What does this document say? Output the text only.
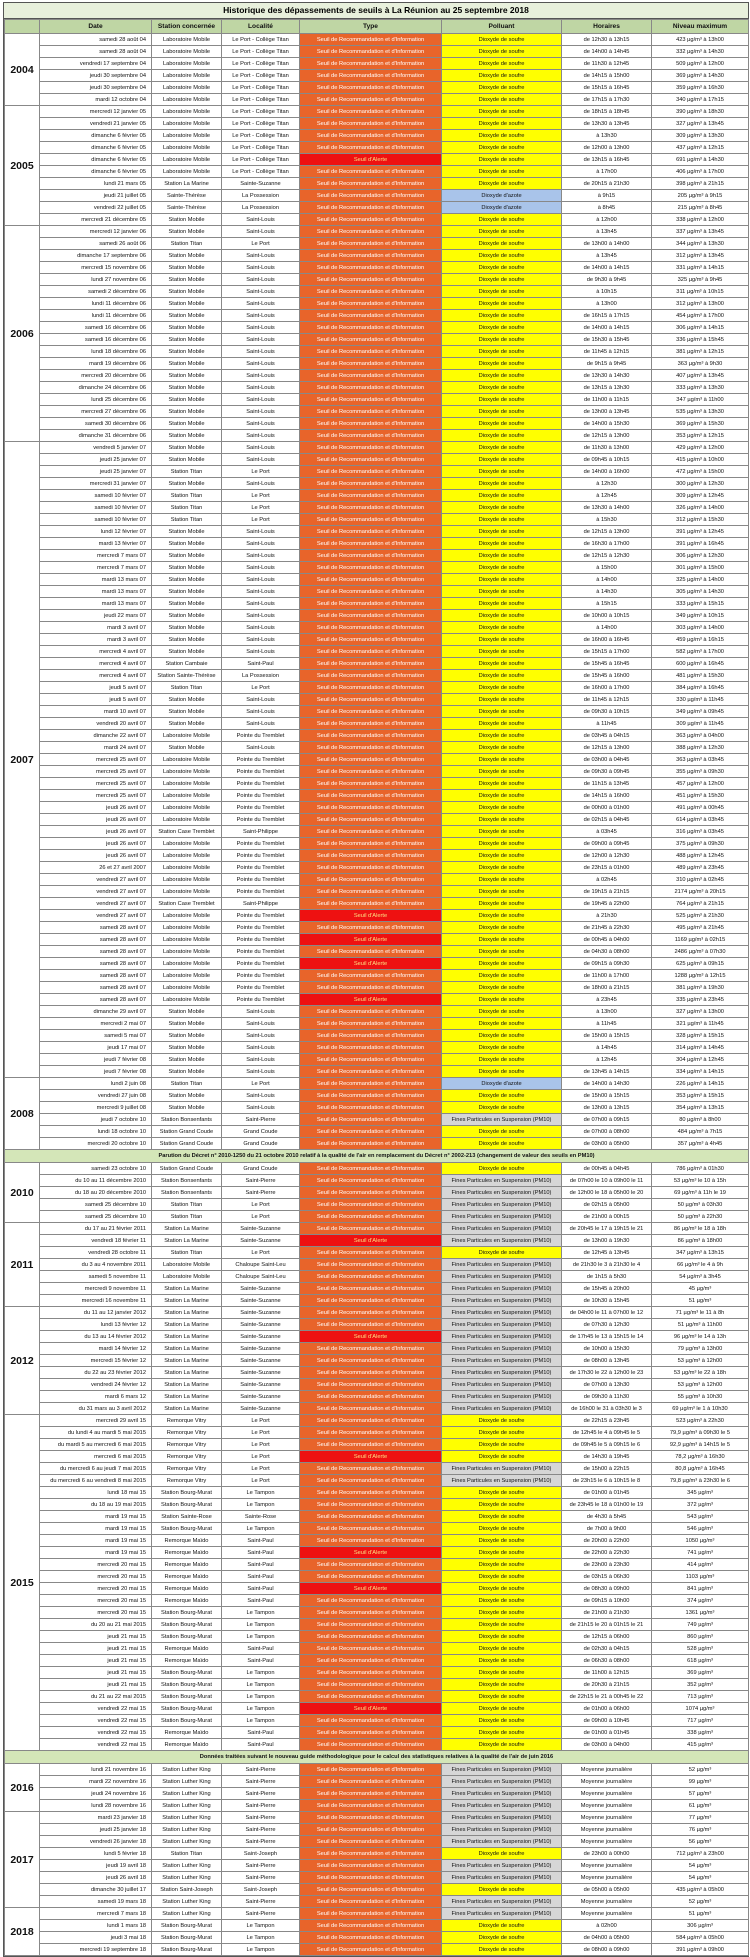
Historique des dépassements de seuils à La Réunion au 25 septembre 2018
	Date	Station concernée	Localité	Type	Polluant	Horaires	Niveau maximum
2004	samedi 28 août 04	Laboratoire Mobile	Le Port - Collège Titan	Seuil de Recommandation et d'Information	Dioxyde de soufre	de 12h30 à 13h15	423 µg/m³ à 13h00
	samedi 28 août 04	Laboratoire Mobile	Le Port - Collège Titan	Seuil de Recommandation et d'Information	Dioxyde de soufre	de 14h00 à 14h45	332 µg/m³ à 14h30
	vendredi 17 septembre 04	Laboratoire Mobile	Le Port - Collège Titan	Seuil de Recommandation et d'Information	Dioxyde de soufre	de 11h30 à 12h45	509 µg/m³ à 12h00
	jeudi 30 septembre 04	Laboratoire Mobile	Le Port - Collège Titan	Seuil de Recommandation et d'Information	Dioxyde de soufre	de 14h15 à 15h00	369 µg/m³ à 14h30
	jeudi 30 septembre 04	Laboratoire Mobile	Le Port - Collège Titan	Seuil de Recommandation et d'Information	Dioxyde de soufre	de 15h15 à 16h45	359 µg/m³ à 16h30
	mardi 12 octobre 04	Laboratoire Mobile	Le Port - Collège Titan	Seuil de Recommandation et d'Information	Dioxyde de soufre	de 17h15 à 17h30	340 µg/m³ à 17h15
2005	mercredi 12 janvier 05	Laboratoire Mobile	Le Port - Collège Titan	Seuil de Recommandation et d'Information	Dioxyde de soufre	de 18h15 à 18h45	390 µg/m³ à 18h30
	vendredi 21 janvier 05	Laboratoire Mobile	Le Port - Collège Titan	Seuil de Recommandation et d'Information	Dioxyde de soufre	de 13h30 à 13h45	327 µg/m³ à 13h45
	dimanche 6 février 05	Laboratoire Mobile	Le Port - Collège Titan	Seuil de Recommandation et d'Information	Dioxyde de soufre	à 13h30	309 µg/m³ à 13h30
	dimanche 6 février 05	Laboratoire Mobile	Le Port - Collège Titan	Seuil de Recommandation et d'Information	Dioxyde de soufre	de 12h00 à 13h00	437 µg/m³ à 12h15
	dimanche 6 février 05	Laboratoire Mobile	Le Port - Collège Titan	Seuil d'Alerte	Dioxyde de soufre	de 13h15 à 16h45	691 µg/m³ à 14h30
	dimanche 6 février 05	Laboratoire Mobile	Le Port - Collège Titan	Seuil de Recommandation et d'Information	Dioxyde de soufre	à 17h00	406 µg/m³ à 17h00
	lundi 21 mars 05	Station La Marine	Sainte-Suzanne	Seuil de Recommandation et d'Information	Dioxyde de soufre	de 20h15 à 21h30	398 µg/m³ à 21h15
	jeudi 21 juillet 05	Sainte-Thérèse	La Possession	Seuil de Recommandation et d'Information	Dioxyde d'azote	à 9h15	205 µg/m³ à 9h15
	vendredi 22 juillet 05	Sainte-Thérèse	La Possession	Seuil de Recommandation et d'Information	Dioxyde d'azote	à 8h45	215 µg/m³ à 8h45
	mercredi 21 décembre 05	Station Mobile	Saint-Louis	Seuil de Recommandation et d'Information	Dioxyde de soufre	à 12h00	338 µg/m³ à 12h00
2006	mercredi 12 janvier 06	Station Mobile	Saint-Louis	Seuil de Recommandation et d'Information	Dioxyde de soufre	à 13h45	337 µg/m³ à 13h45
	samedi 26 août 06	Station Titan	Le Port	Seuil de Recommandation et d'Information	Dioxyde de soufre	de 13h00 à 14h00	344 µg/m³ à 13h30
	dimanche 17 septembre 06	Station Mobile	Saint-Louis	Seuil de Recommandation et d'Information	Dioxyde de soufre	à 13h45	312 µg/m³ à 13h45
	mercredi 15 novembre 06	Station Mobile	Saint-Louis	Seuil de Recommandation et d'Information	Dioxyde de soufre	de 14h00 à 14h15	331 µg/m³ à 14h15
	lundi 27 novembre 06	Station Mobile	Saint-Louis	Seuil de Recommandation et d'Information	Dioxyde de soufre	de 9h30 à 9h45	325 µg/m³ à 9h45
	samedi 2 décembre 06	Station Mobile	Saint-Louis	Seuil de Recommandation et d'Information	Dioxyde de soufre	à 10h15	311 µg/m³ à 10h15
	lundi 11 décembre 06	Station Mobile	Saint-Louis	Seuil de Recommandation et d'Information	Dioxyde de soufre	à 13h00	312 µg/m³ à 13h00
	lundi 11 décembre 06	Station Mobile	Saint-Louis	Seuil de Recommandation et d'Information	Dioxyde de soufre	de 16h15 à 17h15	454 µg/m³ à 17h00
	samedi 16 décembre 06	Station Mobile	Saint-Louis	Seuil de Recommandation et d'Information	Dioxyde de soufre	de 14h00 à 14h15	306 µg/m³ à 14h15
	samedi 16 décembre 06	Station Mobile	Saint-Louis	Seuil de Recommandation et d'Information	Dioxyde de soufre	de 15h30 à 15h45	336 µg/m³ à 15h45
	lundi 18 décembre 06	Station Mobile	Saint-Louis	Seuil de Recommandation et d'Information	Dioxyde de soufre	de 11h45 à 12h15	381 µg/m³ à 12h15
	mardi 19 décembre 06	Station Mobile	Saint-Louis	Seuil de Recommandation et d'Information	Dioxyde de soufre	de 9h15 à 9h45	363 µg/m³ à 9h30
	mercredi 20 décembre 06	Station Mobile	Saint-Louis	Seuil de Recommandation et d'Information	Dioxyde de soufre	de 13h30 à 14h30	407 µg/m³ à 13h45
	dimanche 24 décembre 06	Station Mobile	Saint-Louis	Seuil de Recommandation et d'Information	Dioxyde de soufre	de 13h15 à 13h30	333 µg/m³ à 13h30
	lundi 25 décembre 06	Station Mobile	Saint-Louis	Seuil de Recommandation et d'Information	Dioxyde de soufre	de 11h00 à 11h15	347 µg/m³ à 11h00
	mercredi 27 décembre 06	Station Mobile	Saint-Louis	Seuil de Recommandation et d'Information	Dioxyde de soufre	de 13h00 à 13h45	535 µg/m³ à 13h30
	samedi 30 décembre 06	Station Mobile	Saint-Louis	Seuil de Recommandation et d'Information	Dioxyde de soufre	de 14h00 à 15h30	369 µg/m³ à 15h30
	dimanche 31 décembre 06	Station Mobile	Saint-Louis	Seuil de Recommandation et d'Information	Dioxyde de soufre	de 12h15 à 13h00	353 µg/m³ à 12h15
2007	vendredi 5 janvier 07	Station Mobile	Saint-Louis	Seuil de Recommandation et d'Information	Dioxyde de soufre	de 11h30 à 13h00	429 µg/m³ à 12h00
	jeudi 25 janvier 07	Station Mobile	Saint-Louis	Seuil de Recommandation et d'Information	Dioxyde de soufre	de 09h45 à 10h15	415 µg/m³ à 10h00
	jeudi 25 janvier 07	Station Titan	Le Port	Seuil de Recommandation et d'Information	Dioxyde de soufre	de 14h00 à 16h00	472 µg/m³ à 15h00
	mercredi 31 janvier 07	Station Mobile	Saint-Louis	Seuil de Recommandation et d'Information	Dioxyde de soufre	à 12h30	300 µg/m³ à 12h30
	samedi 10 février 07	Station Titan	Le Port	Seuil de Recommandation et d'Information	Dioxyde de soufre	à 12h45	309 µg/m³ à 12h45
	samedi 10 février 07	Station Titan	Le Port	Seuil de Recommandation et d'Information	Dioxyde de soufre	de 13h30 à 14h00	326 µg/m³ à 14h00
	samedi 10 février 07	Station Titan	Le Port	Seuil de Recommandation et d'Information	Dioxyde de soufre	à 15h30	312 µg/m³ à 15h30
	lundi 12 février 07	Station Mobile	Saint-Louis	Seuil de Recommandation et d'Information	Dioxyde de soufre	de 12h15 à 13h00	391 µg/m³ à 12h45
	mardi 13 février 07	Station Mobile	Saint-Louis	Seuil de Recommandation et d'Information	Dioxyde de soufre	de 16h30 à 17h00	391 µg/m³ à 16h45
	mercredi 7 mars 07	Station Mobile	Saint-Louis	Seuil de Recommandation et d'Information	Dioxyde de soufre	de 12h15 à 12h30	306 µg/m³ à 12h30
	mercredi 7 mars 07	Station Mobile	Saint-Louis	Seuil de Recommandation et d'Information	Dioxyde de soufre	à 15h00	301 µg/m³ à 15h00
	mardi 13 mars 07	Station Mobile	Saint-Louis	Seuil de Recommandation et d'Information	Dioxyde de soufre	à 14h00	325 µg/m³ à 14h00
	mardi 13 mars 07	Station Mobile	Saint-Louis	Seuil de Recommandation et d'Information	Dioxyde de soufre	à 14h30	305 µg/m³ à 14h30
	mardi 13 mars 07	Station Mobile	Saint-Louis	Seuil de Recommandation et d'Information	Dioxyde de soufre	à 15h15	333 µg/m³ à 15h15
	jeudi 22 mars 07	Station Mobile	Saint-Louis	Seuil de Recommandation et d'Information	Dioxyde de soufre	de 10h00 à 10h15	349 µg/m³ à 10h15
	mardi 3 avril 07	Station Mobile	Saint-Louis	Seuil de Recommandation et d'Information	Dioxyde de soufre	à 14h00	303 µg/m³ à 14h00
	mardi 3 avril 07	Station Mobile	Saint-Louis	Seuil de Recommandation et d'Information	Dioxyde de soufre	de 16h00 à 16h45	459 µg/m³ à 16h15
	mercredi 4 avril 07	Station Mobile	Saint-Louis	Seuil de Recommandation et d'Information	Dioxyde de soufre	de 15h15 à 17h00	582 µg/m³ à 17h00
	mercredi 4 avril 07	Station Cambaie	Saint-Paul	Seuil de Recommandation et d'Information	Dioxyde de soufre	de 15h45 à 16h45	600 µg/m³ à 16h45
	mercredi 4 avril 07	Station Sainte-Thérèse	La Possession	Seuil de Recommandation et d'Information	Dioxyde de soufre	de 15h45 à 16h00	481 µg/m³ à 15h30
	jeudi 5 avril 07	Station Titan	Le Port	Seuil de Recommandation et d'Information	Dioxyde de soufre	de 16h00 à 17h00	384 µg/m³ à 16h45
	jeudi 5 avril 07	Station Mobile	Saint-Louis	Seuil de Recommandation et d'Information	Dioxyde de soufre	de 11h45 à 12h15	330 µg/m³ à 11h45
	mardi 10 avril 07	Station Mobile	Saint-Louis	Seuil de Recommandation et d'Information	Dioxyde de soufre	de 09h30 à 10h15	349 µg/m³ à 09h45
	vendredi 20 avril 07	Station Mobile	Saint-Louis	Seuil de Recommandation et d'Information	Dioxyde de soufre	à 11h45	309 µg/m³ à 11h45
	dimanche 22 avril 07	Laboratoire Mobile	Pointe du Tremblet	Seuil de Recommandation et d'Information	Dioxyde de soufre	de 03h45 à 04h15	363 µg/m³ à 04h00
	mardi 24 avril 07	Station Mobile	Saint-Louis	Seuil de Recommandation et d'Information	Dioxyde de soufre	de 12h15 à 13h00	388 µg/m³ à 12h30
	mercredi 25 avril 07	Laboratoire Mobile	Pointe du Tremblet	Seuil de Recommandation et d'Information	Dioxyde de soufre	de 03h00 à 04h45	363 µg/m³ à 03h45
	mercredi 25 avril 07	Laboratoire Mobile	Pointe du Tremblet	Seuil de Recommandation et d'Information	Dioxyde de soufre	de 09h30 à 09h45	355 µg/m³ à 09h30
	mercredi 25 avril 07	Laboratoire Mobile	Pointe du Tremblet	Seuil de Recommandation et d'Information	Dioxyde de soufre	de 11h15 à 13h45	457 µg/m³ à 12h00
	mercredi 25 avril 07	Laboratoire Mobile	Pointe du Tremblet	Seuil de Recommandation et d'Information	Dioxyde de soufre	de 14h15 à 16h00	451 µg/m³ à 15h30
	jeudi 26 avril 07	Laboratoire Mobile	Pointe du Tremblet	Seuil de Recommandation et d'Information	Dioxyde de soufre	de 00h00 à 01h00	491 µg/m³ à 00h45
	jeudi 26 avril 07	Laboratoire Mobile	Pointe du Tremblet	Seuil de Recommandation et d'Information	Dioxyde de soufre	de 02h15 à 04h45	614 µg/m³ à 03h45
	jeudi 26 avril 07	Station Case Tremblet	Saint-Philippe	Seuil de Recommandation et d'Information	Dioxyde de soufre	à 03h45	316 µg/m³ à 03h45
	jeudi 26 avril 07	Laboratoire Mobile	Pointe du Tremblet	Seuil de Recommandation et d'Information	Dioxyde de soufre	de 09h00 à 09h45	375 µg/m³ à 09h30
	jeudi 26 avril 07	Laboratoire Mobile	Pointe du Tremblet	Seuil de Recommandation et d'Information	Dioxyde de soufre	de 12h00 à 12h30	488 µg/m³ à 12h45
	26 et 27 avril 2007	Laboratoire Mobile	Pointe du Tremblet	Seuil de Recommandation et d'Information	Dioxyde de soufre	de 23h15 à 01h00	489 µg/m³ à 23h45
	vendredi 27 avril 07	Laboratoire Mobile	Pointe du Tremblet	Seuil de Recommandation et d'Information	Dioxyde de soufre	à 02h45	310 µg/m³ à 02h45
	vendredi 27 avril 07	Laboratoire Mobile	Pointe du Tremblet	Seuil de Recommandation et d'Information	Dioxyde de soufre	de 19h15 à 21h15	2174 µg/m³ à 20h15
	vendredi 27 avril 07	Station Case Tremblet	Saint-Philippe	Seuil de Recommandation et d'Information	Dioxyde de soufre	de 19h45 à 22h00	764 µg/m³ à 21h15
	vendredi 27 avril 07	Laboratoire Mobile	Pointe du Tremblet	Seuil d'Alerte	Dioxyde de soufre	à 21h30	525 µg/m³ à 21h30
	samedi 28 avril 07	Laboratoire Mobile	Pointe du Tremblet	Seuil de Recommandation et d'Information	Dioxyde de soufre	de 21h45 à 22h30	495 µg/m³ à 21h45
	samedi 28 avril 07	Laboratoire Mobile	Pointe du Tremblet	Seuil d'Alerte	Dioxyde de soufre	de 00h45 à 04h00	1169 µg/m³ à 02h15
	samedi 28 avril 07	Laboratoire Mobile	Pointe du Tremblet	Seuil de Recommandation et d'Information	Dioxyde de soufre	de 04h30 à 08h00	2486 µg/m³ à 07h30
	samedi 28 avril 07	Laboratoire Mobile	Pointe du Tremblet	Seuil d'Alerte	Dioxyde de soufre	de 09h15 à 09h30	625 µg/m³ à 09h15
	samedi 28 avril 07	Laboratoire Mobile	Pointe du Tremblet	Seuil de Recommandation et d'Information	Dioxyde de soufre	de 11h00 à 17h00	1288 µg/m³ à 12h15
	samedi 28 avril 07	Laboratoire Mobile	Pointe du Tremblet	Seuil de Recommandation et d'Information	Dioxyde de soufre	de 18h00 à 21h15	381 µg/m³ à 19h30
	samedi 28 avril 07	Laboratoire Mobile	Pointe du Tremblet	Seuil d'Alerte	Dioxyde de soufre	à 23h45	335 µg/m³ à 23h45
	dimanche 29 avril 07	Station Mobile	Saint-Louis	Seuil de Recommandation et d'Information	Dioxyde de soufre	à 13h00	327 µg/m³ à 13h00
	mercredi 2 mai 07	Station Mobile	Saint-Louis	Seuil de Recommandation et d'Information	Dioxyde de soufre	à 11h45	321 µg/m³ à 11h45
	samedi 5 mai 07	Station Mobile	Saint-Louis	Seuil de Recommandation et d'Information	Dioxyde de soufre	de 15h00 à 15h15	328 µg/m³ à 15h15
	jeudi 17 mai 07	Station Mobile	Saint-Louis	Seuil de Recommandation et d'Information	Dioxyde de soufre	à 14h45	314 µg/m³ à 14h45
	jeudi 7 février 08	Station Mobile	Saint-Louis	Seuil de Recommandation et d'Information	Dioxyde de soufre	à 12h45	304 µg/m³ à 12h45
	jeudi 7 février 08	Station Mobile	Saint-Louis	Seuil de Recommandation et d'Information	Dioxyde de soufre	de 13h45 à 14h15	334 µg/m³ à 14h15
2008	lundi 2 juin 08	Station Titan	Le Port	Seuil de Recommandation et d'Information	Dioxyde d'azote	de 14h00 à 14h30	226 µg/m³ à 14h15
	vendredi 27 juin 08	Station Mobile	Saint-Louis	Seuil de Recommandation et d'Information	Dioxyde de soufre	de 15h00 à 15h15	353 µg/m³ à 15h15
	mercredi 9 juillet 08	Station Mobile	Saint-Louis	Seuil de Recommandation et d'Information	Dioxyde de soufre	de 13h00 à 13h15	354 µg/m³ à 13h15
	jeudi 7 octobre 10	Station Bonsenfants	Saint-Pierre	Seuil de Recommandation et d'Information	Fines Particules en Suspension (PM10)	de 07h00 à 09h15	80 µg/m³ à 8h00
	lundi 18 octobre 10	Station Grand Coude	Grand Coude	Seuil de Recommandation et d'Information	Dioxyde de soufre	de 07h00 à 08h00	484 µg/m³ à 7h15
	mercredi 20 octobre 10	Station Grand Coude	Grand Coude	Seuil de Recommandation et d'Information	Dioxyde de soufre	de 03h00 à 05h00	357 µg/m³ à 4h45
Parution du Décret n° 2010-1250 du 21 octobre 2010 relatif à la qualité de l'air en remplacement du Décret n° 2002-213 (changement de valeur des seuils en PM10)							
2010	samedi 23 octobre 10	Station Grand Coude	Grand Coude	Seuil de Recommandation et d'Information	Dioxyde de soufre	de 00h45 à 04h45	786 µg/m³ à 01h30
	du 10 au 11 décembre 2010	Station Bonsenfants	Saint-Pierre	Seuil de Recommandation et d'Information	Fines Particules en Suspension (PM10)	de 07h00 le 10 à 09h00 le 11	53 µg/m³ le 10 à 15h
	du 18 au 20 décembre 2010	Station Bonsenfants	Saint-Pierre	Seuil de Recommandation et d'Information	Fines Particules en Suspension (PM10)	de 12h00 le 18 à 05h00 le 20	69 µg/m³ à 11h le 19
	samedi 25 décembre 10	Station Titan	Le Port	Seuil de Recommandation et d'Information	Fines Particules en Suspension (PM10)	de 02h15 à 05h00	50 µg/m³ à 03h30
	samedi 25 décembre 10	Station Titan	Le Port	Seuil de Recommandation et d'Information	Fines Particules en Suspension (PM10)	de 21h00 à 00h15	50 µg/m³ à 22h30
2011	du 17 au 21 février 2011	Station La Marine	Sainte-Suzanne	Seuil de Recommandation et d'Information	Fines Particules en Suspension (PM10)	de 20h45 le 17 à 19h15 le 21	86 µg/m³ le 18 à 18h
	vendredi 18 février 11	Station La Marine	Sainte-Suzanne	Seuil d'Alerte	Fines Particules en Suspension (PM10)	de 13h00 à 19h30	86 µg/m³ à 18h00
	vendredi 28 octobre 11	Station Titan	Le Port	Seuil de Recommandation et d'Information	Dioxyde de soufre	de 12h45 à 13h45	347 µg/m³ à 13h15
	du 3 au 4 novembre 2011	Laboratoire Mobile	Chaloupe Saint-Leu	Seuil de Recommandation et d'Information	Fines Particules en Suspension (PM10)	de 21h30 le 3 à 21h30 le 4	66 µg/m³ le 4 à 9h
	samedi 5 novembre 11	Laboratoire Mobile	Chaloupe Saint-Leu	Seuil de Recommandation et d'Information	Fines Particules en Suspension (PM10)	de 1h15 à 5h30	54 µg/m³ à 3h45
	mercredi 9 novembre 11	Station La Marine	Sainte-Suzanne	Seuil de Recommandation et d'Information	Fines Particules en Suspension (PM10)	de 15h45 à 20h00	45 µg/m³
	mercredi 16 novembre 11	Station La Marine	Sainte-Suzanne	Seuil de Recommandation et d'Information	Fines Particules en Suspension (PM10)	de 10h30 à 15h45	51 µg/m³
2012	du 11 au 12 janvier 2012	Station La Marine	Sainte-Suzanne	Seuil de Recommandation et d'Information	Fines Particules en Suspension (PM10)	de 04h00 le 11 à 07h00 le 12	71 µg/m³ le 11 à 8h
	lundi 13 février 12	Station La Marine	Sainte-Suzanne	Seuil de Recommandation et d'Information	Fines Particules en Suspension (PM10)	de 07h30 à 12h30	51 µg/m³ à 11h00
	du 13 au 14 février 2012	Station La Marine	Sainte-Suzanne	Seuil d'Alerte	Fines Particules en Suspension (PM10)	de 17h45 le 13 à 15h15 le 14	96 µg/m³ le 14 à 13h
	mardi 14 février 12	Station La Marine	Sainte-Suzanne	Seuil de Recommandation et d'Information	Fines Particules en Suspension (PM10)	de 10h00 à 15h30	79 µg/m³ à 13h00
	mercredi 15 février 12	Station La Marine	Sainte-Suzanne	Seuil de Recommandation et d'Information	Fines Particules en Suspension (PM10)	de 08h00 à 13h45	53 µg/m³ à 12h00
	du 22 au 23 février 2012	Station La Marine	Sainte-Suzanne	Seuil de Recommandation et d'Information	Fines Particules en Suspension (PM10)	de 17h30 le 22 à 12h00 le 23	53 µg/m³ le 22 à 18h
	vendredi 24 février 12	Station La Marine	Sainte-Suzanne	Seuil de Recommandation et d'Information	Fines Particules en Suspension (PM10)	de 07h00 à 13h30	53 µg/m³ à 12h00
	mardi 6 mars 12	Station La Marine	Sainte-Suzanne	Seuil de Recommandation et d'Information	Fines Particules en Suspension (PM10)	de 09h30 à 11h30	55 µg/m³ à 10h30
	du 31 mars au 3 avril 2012	Station La Marine	Sainte-Suzanne	Seuil de Recommandation et d'Information	Fines Particules en Suspension (PM10)	de 16h00 le 31 à 03h30 le 3	69 µg/m³ le 1 à 10h30
2015	mercredi 29 avril 15	Remorque Vitry	Le Port	Seuil de Recommandation et d'Information	Dioxyde de soufre	de 22h15 à 23h45	523 µg/m³ à 22h30
	du lundi 4 au mardi 5 mai 2015	Remorque Vitry	Le Port	Seuil de Recommandation et d'Information	Dioxyde de soufre	de 12h45 le 4 à 09h45 le 5	79,9 µg/m³ à 09h30 le 5
	du mardi 5 au mercredi 6 mai 2015	Remorque Vitry	Le Port	Seuil de Recommandation et d'Information	Dioxyde de soufre	de 09h45 le 5 à 09h15 le 6	92,9 µg/m³ à 14h15 le 5
	mercredi 6 mai 2015	Remorque Vitry	Le Port	Seuil d'Alerte	Dioxyde de soufre	de 14h30 à 19h45	78,2 µg/m³ à 16h30
	du mercredi 6 au jeudi 7 mai 2015	Remorque Vitry	Le Port	Seuil de Recommandation et d'Information	Fines Particules en Suspension (PM10)	de 15h00 à 22h15	80,8 µg/m³ à 16h45
	du mercredi 6 au vendredi 8 mai 2015	Remorque Vitry	Le Port	Seuil de Recommandation et d'Information	Fines Particules en Suspension (PM10)	de 23h15 le 6 à 10h15 le 8	79,8 µg/m³ à 23h30 le 6
	lundi 18 mai 15	Station Bourg-Murat	Le Tampon	Seuil de Recommandation et d'Information	Dioxyde de soufre	de 01h00 à 01h45	345 µg/m³
	du 18 au 19 mai 2015	Station Bourg-Murat	Le Tampon	Seuil de Recommandation et d'Information	Dioxyde de soufre	de 23h45 le 18 à 01h00 le 19	372 µg/m³
	mardi 19 mai 15	Station Sainte-Rose	Sainte-Rose	Seuil de Recommandation et d'Information	Dioxyde de soufre	de 4h30 à 5h45	543 µg/m³
	mardi 19 mai 15	Station Bourg-Murat	Le Tampon	Seuil de Recommandation et d'Information	Dioxyde de soufre	de 7h00 à 9h00	546 µg/m³
	mardi 19 mai 15	Remorque Maïdo	Saint-Paul	Seuil de Recommandation et d'Information	Dioxyde de soufre	de 20h00 à 22h00	1050 µg/m³
	mardi 19 mai 15	Remorque Maïdo	Saint-Paul	Seuil d'Alerte	Dioxyde de soufre	de 22h00 à 22h30	741 µg/m³
	mercredi 20 mai 15	Remorque Maïdo	Saint-Paul	Seuil de Recommandation et d'Information	Dioxyde de soufre	de 23h00 à 23h30	414 µg/m³
	mercredi 20 mai 15	Remorque Maïdo	Saint-Paul	Seuil de Recommandation et d'Information	Dioxyde de soufre	de 03h15 à 06h30	1103 µg/m³
	mercredi 20 mai 15	Remorque Maïdo	Saint-Paul	Seuil d'Alerte	Dioxyde de soufre	de 08h30 à 09h00	841 µg/m³
	mercredi 20 mai 15	Remorque Maïdo	Saint-Paul	Seuil de Recommandation et d'Information	Dioxyde de soufre	de 09h15 à 10h00	374 µg/m³
	mercredi 20 mai 15	Station Bourg-Murat	Le Tampon	Seuil de Recommandation et d'Information	Dioxyde de soufre	de 21h00 à 21h30	1361 µg/m³
	du 20 au 21 mai 2015	Station Bourg-Murat	Le Tampon	Seuil de Recommandation et d'Information	Dioxyde de soufre	de 21h15 le 20 à 01h15 le 21	749 µg/m³
	jeudi 21 mai 15	Station Bourg-Murat	Le Tampon	Seuil de Recommandation et d'Information	Dioxyde de soufre	de 12h15 à 06h00	860 µg/m³
	jeudi 21 mai 15	Remorque Maïdo	Saint-Paul	Seuil de Recommandation et d'Information	Dioxyde de soufre	de 02h30 à 04h15	528 µg/m³
	jeudi 21 mai 15	Remorque Maïdo	Saint-Paul	Seuil de Recommandation et d'Information	Dioxyde de soufre	de 06h30 à 08h00	618 µg/m³
	jeudi 21 mai 15	Station Bourg-Murat	Le Tampon	Seuil de Recommandation et d'Information	Dioxyde de soufre	de 11h00 à 12h15	369 µg/m³
	jeudi 21 mai 15	Station Bourg-Murat	Le Tampon	Seuil de Recommandation et d'Information	Dioxyde de soufre	de 20h30 à 21h15	352 µg/m³
	du 21 au 22 mai 2015	Station Bourg-Murat	Le Tampon	Seuil de Recommandation et d'Information	Dioxyde de soufre	de 22h15 le 21 à 00h45 le 22	713 µg/m³
	vendredi 22 mai 15	Station Bourg-Murat	Le Tampon	Seuil d'Alerte	Dioxyde de soufre	de 01h00 à 06h00	1074 µg/m³
	vendredi 22 mai 15	Station Bourg-Murat	Le Tampon	Seuil de Recommandation et d'Information	Dioxyde de soufre	de 09h00 à 10h45	717 µg/m³
	vendredi 22 mai 15	Remorque Maïdo	Saint-Paul	Seuil de Recommandation et d'Information	Dioxyde de soufre	de 01h00 à 01h45	338 µg/m³
	vendredi 22 mai 15	Remorque Maïdo	Saint-Paul	Seuil de Recommandation et d'Information	Dioxyde de soufre	de 03h00 à 04h00	415 µg/m³
Données traitées suivant le nouveau guide méthodologique pour le calcul des statistiques relatives à la qualité de l'air de juin 2016							
2016	lundi 21 novembre 16	Station Luther King	Saint-Pierre	Seuil de Recommandation et d'Information	Fines Particules en Suspension (PM10)	Moyenne journalière	52 µg/m³
	mardi 22 novembre 16	Station Luther King	Saint-Pierre	Seuil de Recommandation et d'Information	Fines Particules en Suspension (PM10)	Moyenne journalière	99 µg/m³
	jeudi 24 novembre 16	Station Luther King	Saint-Pierre	Seuil de Recommandation et d'Information	Fines Particules en Suspension (PM10)	Moyenne journalière	57 µg/m³
	lundi 28 novembre 16	Station Luther King	Saint-Pierre	Seuil de Recommandation et d'Information	Fines Particules en Suspension (PM10)	Moyenne journalière	61 µg/m³
2017	mardi 23 janvier 18	Station Luther King	Saint-Pierre	Seuil de Recommandation et d'Information	Fines Particules en Suspension (PM10)	Moyenne journalière	77 µg/m³
	jeudi 25 janvier 18	Station Luther King	Saint-Pierre	Seuil de Recommandation et d'Information	Fines Particules en Suspension (PM10)	Moyenne journalière	76 µg/m³
	vendredi 26 janvier 18	Station Luther King	Saint-Pierre	Seuil de Recommandation et d'Information	Fines Particules en Suspension (PM10)	Moyenne journalière	56 µg/m³
	lundi 5 février 18	Station Titan	Saint-Joseph	Seuil de Recommandation et d'Information	Dioxyde de soufre	de 23h00 à 00h00	712 µg/m³ à 23h00
	jeudi 19 avril 18	Station Luther King	Saint-Pierre	Seuil de Recommandation et d'Information	Fines Particules en Suspension (PM10)	Moyenne journalière	54 µg/m³
	jeudi 26 avril 18	Station Luther King	Saint-Pierre	Seuil de Recommandation et d'Information	Fines Particules en Suspension (PM10)	Moyenne journalière	54 µg/m³
	dimanche 30 juillet 17	Station Saint-Joseph	Saint-Joseph	Seuil de Recommandation et d'Information	Dioxyde de soufre	de 05h00 à 05h00	435 µg/m³ à 05h00
	samedi 19 mars 18	Station Luther King	Saint-Pierre	Seuil de Recommandation et d'Information	Fines Particules en Suspension (PM10)	Moyenne journalière	52 µg/m³
2018	mercredi 7 mars 18	Station Luther King	Saint-Pierre	Seuil de Recommandation et d'Information	Fines Particules en Suspension (PM10)	Moyenne journalière	51 µg/m³
	lundi 1 mars 18	Station Bourg-Murat	Le Tampon	Seuil de Recommandation et d'Information	Dioxyde de soufre	à 02h00	306 µg/m³
	jeudi 3 mai 18	Station Bourg-Murat	Le Tampon	Seuil de Recommandation et d'Information	Dioxyde de soufre	de 04h00 à 05h00	584 µg/m³ à 05h00
	mercredi 19 septembre 18	Station Bourg-Murat	Le Tampon	Seuil de Recommandation et d'Information	Dioxyde de soufre	de 08h00 à 09h00	391 µg/m³ à 09h00
